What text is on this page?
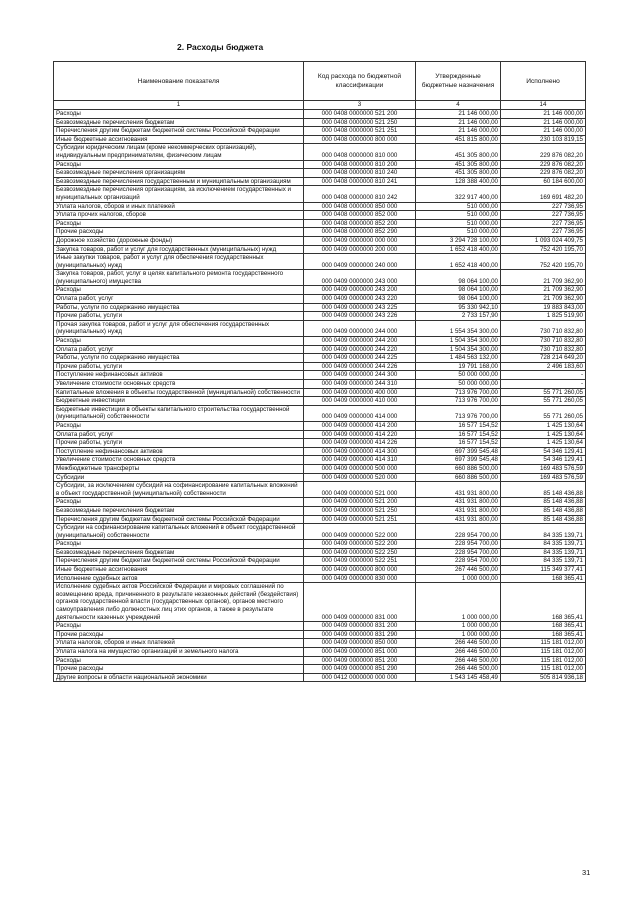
2. Расходы бюджета
Наименование показателя	Код расхода по бюджетной классификации	Утвержденные бюджетные назначения	Исполнено
1	3	4	14
Расходы	000 0408 0000000 521 200	21 146 000,00	21 146 000,00
Безвозмездные перечисления бюджетам	000 0408 0000000 521 250	21 146 000,00	21 146 000,00
Перечисления другим бюджетам бюджетной системы Российской Федерации	000 0408 0000000 521 251	21 146 000,00	21 146 000,00
Иные бюджетные ассигнования	000 0408 0000000 800 000	451 815 800,00	230 103 819,15
Субсидии юридическим лицам (кроме некоммерческих организаций), индивидуальным предпринимателям, физическим лицам	000 0408 0000000 810 000	451 305 800,00	229 876 082,20
Расходы	000 0408 0000000 810 200	451 305 800,00	229 876 082,20
Безвозмездные перечисления организациям	000 0408 0000000 810 240	451 305 800,00	229 876 082,20
Безвозмездные перечисления государственным и муниципальным организациям	000 0408 0000000 810 241	128 388 400,00	60 184 600,00
Безвозмездные перечисления организациям, за исключением государственных и муниципальных организаций	000 0408 0000000 810 242	322 917 400,00	169 691 482,20
Уплата налогов, сборов и иных платежей	000 0408 0000000 850 000	510 000,00	227 736,95
Уплата прочих налогов, сборов	000 0408 0000000 852 000	510 000,00	227 736,95
Расходы	000 0408 0000000 852 200	510 000,00	227 736,95
Прочие расходы	000 0408 0000000 852 290	510 000,00	227 736,95
Дорожное хозяйство (дорожные фонды)	000 0409 0000000 000 000	3 294 728 100,00	1 093 024 409,75
Закупка товаров, работ и услуг для государственных (муниципальных) нужд	000 0409 0000000 200 000	1 652 418 400,00	752 420 195,70
Иные закупки товаров, работ и услуг для обеспечения государственных (муниципальных) нужд	000 0409 0000000 240 000	1 652 418 400,00	752 420 195,70
Закупка товаров, работ, услуг в целях капитального ремонта государственного (муниципального) имущества	000 0409 0000000 243 000	98 064 100,00	21 709 362,90
Расходы	000 0409 0000000 243 200	98 064 100,00	21 709 362,90
Оплата работ, услуг	000 0409 0000000 243 220	98 064 100,00	21 709 362,90
Работы, услуги по содержанию имущества	000 0409 0000000 243 225	95 330 942,10	19 883 843,00
Прочие работы, услуги	000 0409 0000000 243 226	2 733 157,90	1 825 519,90
Прочая закупка товаров, работ и услуг для обеспечения государственных (муниципальных) нужд	000 0409 0000000 244 000	1 554 354 300,00	730 710 832,80
Расходы	000 0409 0000000 244 200	1 504 354 300,00	730 710 832,80
Оплата работ, услуг	000 0409 0000000 244 220	1 504 354 300,00	730 710 832,80
Работы, услуги по содержанию имущества	000 0409 0000000 244 225	1 484 563 132,00	728 214 649,20
Прочие работы, услуги	000 0409 0000000 244 226	19 791 168,00	2 496 183,60
Поступление нефинансовых активов	000 0409 0000000 244 300	50 000 000,00	-
Увеличение стоимости основных средств	000 0409 0000000 244 310	50 000 000,00	-
Капитальные вложения в объекты государственной (муниципальной) собственности	000 0409 0000000 400 000	713 976 700,00	55 771 260,05
Бюджетные инвестиции	000 0409 0000000 410 000	713 976 700,00	55 771 260,05
Бюджетные инвестиции в объекты капитального строительства государственной (муниципальной) собственности	000 0409 0000000 414 000	713 976 700,00	55 771 260,05
Расходы	000 0409 0000000 414 200	16 577 154,52	1 425 130,64
Оплата работ, услуг	000 0409 0000000 414 220	16 577 154,52	1 425 130,64
Прочие работы, услуги	000 0409 0000000 414 226	16 577 154,52	1 425 130,64
Поступление нефинансовых активов	000 0409 0000000 414 300	697 399 545,48	54 346 129,41
Увеличение стоимости основных средств	000 0409 0000000 414 310	697 399 545,48	54 346 129,41
Межбюджетные трансферты	000 0409 0000000 500 000	660 886 500,00	169 483 576,59
Субсидии	000 0409 0000000 520 000	660 886 500,00	169 483 576,59
Субсидии, за исключением субсидий на софинансирование капитальных вложений в объект государственной (муниципальной) собственности	000 0409 0000000 521 000	431 931 800,00	85 148 436,88
Расходы	000 0409 0000000 521 200	431 931 800,00	85 148 436,88
Безвозмездные перечисления бюджетам	000 0409 0000000 521 250	431 931 800,00	85 148 436,88
Перечисления другим бюджетам бюджетной системы Российской Федерации	000 0409 0000000 521 251	431 931 800,00	85 148 436,88
Субсидии на софинансирование капитальных вложений в объект государственной (муниципальной) собственности	000 0409 0000000 522 000	228 954 700,00	84 335 139,71
Расходы	000 0409 0000000 522 200	228 954 700,00	84 335 139,71
Безвозмездные перечисления бюджетам	000 0409 0000000 522 250	228 954 700,00	84 335 139,71
Перечисления другим бюджетам бюджетной системы Российской Федерации	000 0409 0000000 522 251	228 954 700,00	84 335 139,71
Иные бюджетные ассигнования	000 0409 0000000 800 000	267 446 500,00	115 349 377,41
Исполнение судебных актов	000 0409 0000000 830 000	1 000 000,00	168 365,41
Исполнение судебных актов Российской Федерации и мировых соглашений по возмещению вреда, причиненного в результате незаконных действий (бездействия) органов государственной власти (государственных органов), органов местного самоуправления либо должностных лиц этих органов, а также в результате деятельности казенных учреждений	000 0409 0000000 831 000	1 000 000,00	168 365,41
Расходы	000 0409 0000000 831 200	1 000 000,00	168 365,41
Прочие расходы	000 0409 0000000 831 290	1 000 000,00	168 365,41
Уплата налогов, сборов и иных платежей	000 0409 0000000 850 000	266 446 500,00	115 181 012,00
Уплата налога на имущество организаций и земельного налога	000 0409 0000000 851 000	266 446 500,00	115 181 012,00
Расходы	000 0409 0000000 851 200	266 446 500,00	115 181 012,00
Прочие расходы	000 0409 0000000 851 290	266 446 500,00	115 181 012,00
Другие вопросы в области национальной экономики	000 0412 0000000 000 000	1 543 145 458,49	505 814 936,18
31
